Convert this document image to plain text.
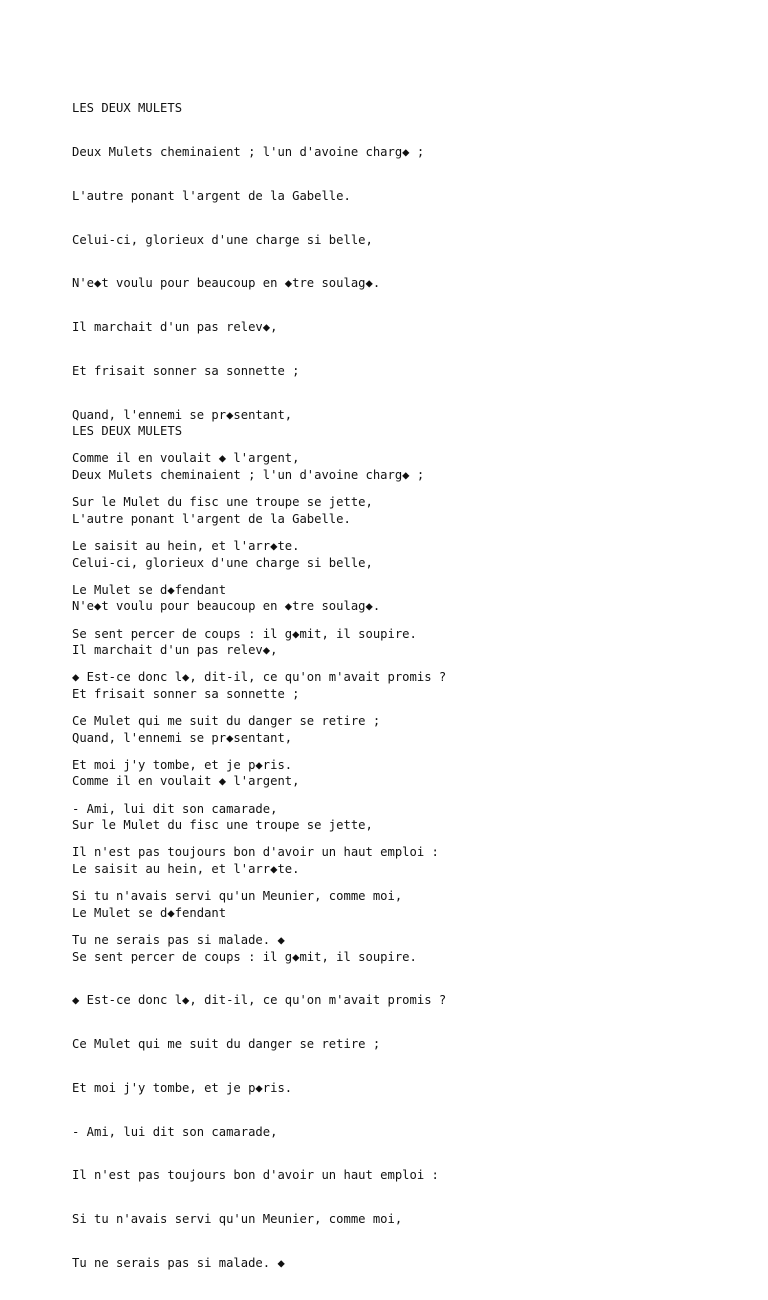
LES DEUX MULETS

Deux Mulets cheminaient ; l'un d'avoine charg◆ ;

L'autre ponant l'argent de la Gabelle.

Celui-ci, glorieux d'une charge si belle,

N'e◆t voulu pour beaucoup en ◆tre soulag◆.

Il marchait d'un pas relev◆,

Et frisait sonner sa sonnette ;

Quand, l'ennemi se pr◆sentant,

Comme il en voulait ◆ l'argent,

Sur le Mulet du fisc une troupe se jette,

Le saisit au hein, et l'arr◆te.

Le Mulet se d◆fendant

Se sent percer de coups : il g◆mit, il soupire.

◆ Est-ce donc l◆, dit-il, ce qu'on m'avait promis ?

Ce Mulet qui me suit du danger se retire ;

Et moi j'y tombe, et je p◆ris.

- Ami, lui dit son camarade,

Il n'est pas toujours bon d'avoir un haut emploi :

Si tu n'avais servi qu'un Meunier, comme moi,

Tu ne serais pas si malade. ◆

LES DEUX MULETS

Deux Mulets cheminaient ; l'un d'avoine charg◆ ;

L'autre ponant l'argent de la Gabelle.

Celui-ci, glorieux d'une charge si belle,

N'e◆t voulu pour beaucoup en ◆tre soulag◆.

Il marchait d'un pas relev◆,

Et frisait sonner sa sonnette ;

Quand, l'ennemi se pr◆sentant,

Comme il en voulait ◆ l'argent,

Sur le Mulet du fisc une troupe se jette,

Le saisit au hein, et l'arr◆te.

Le Mulet se d◆fendant

Se sent percer de coups : il g◆mit, il soupire.

◆ Est-ce donc l◆, dit-il, ce qu'on m'avait promis ?

Ce Mulet qui me suit du danger se retire ;

Et moi j'y tombe, et je p◆ris.

- Ami, lui dit son camarade,

Il n'est pas toujours bon d'avoir un haut emploi :

Si tu n'avais servi qu'un Meunier, comme moi,

Tu ne serais pas si malade. ◆
